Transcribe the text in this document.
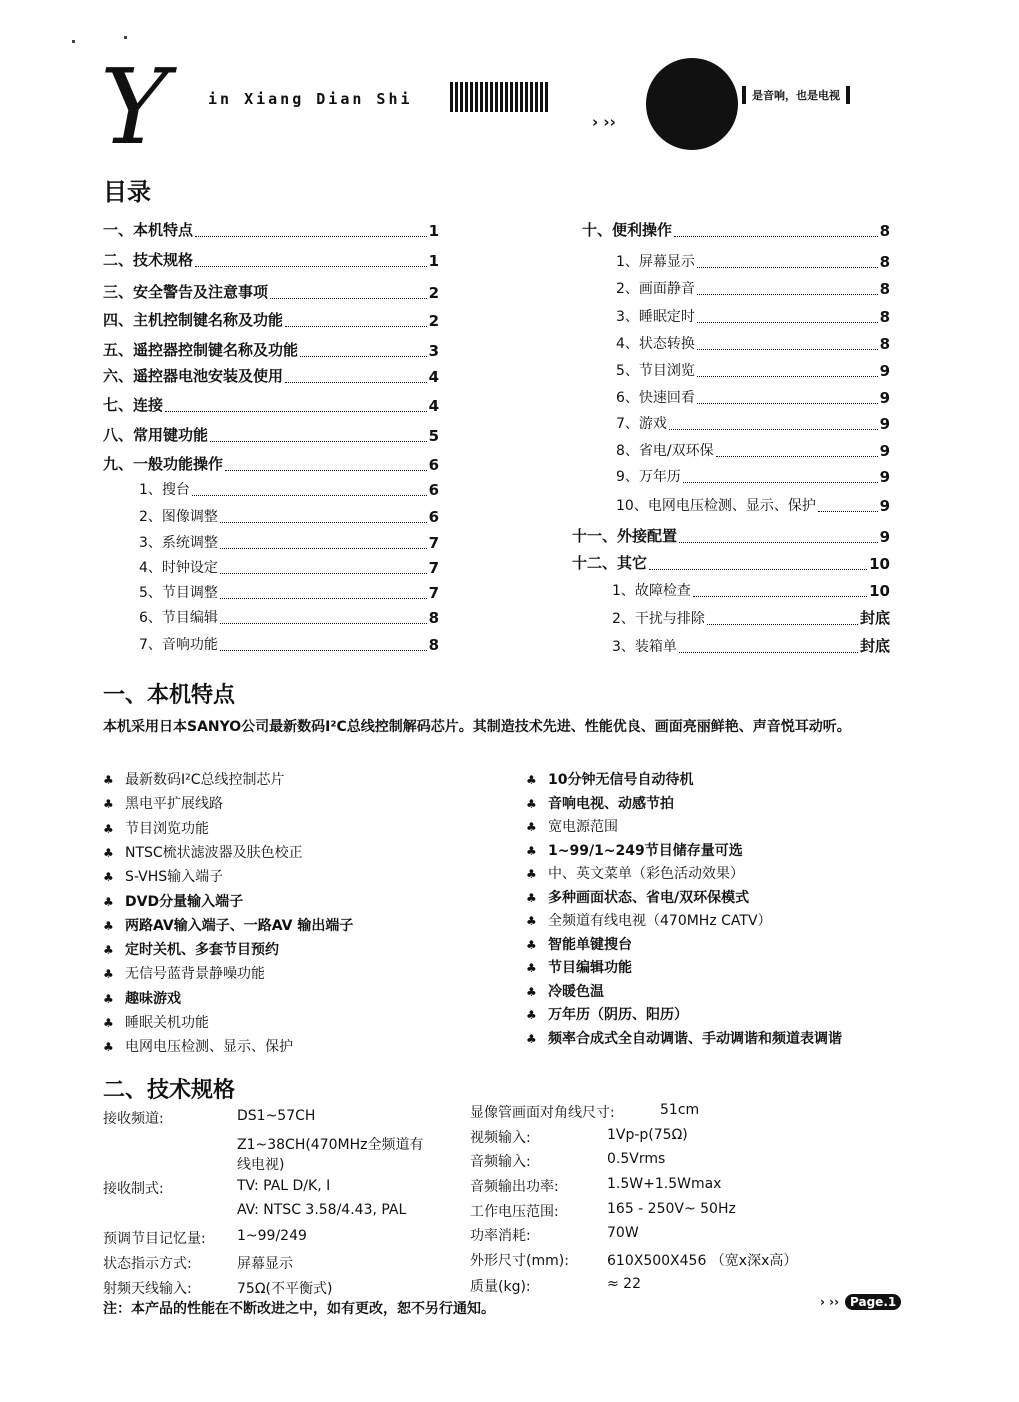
Y	in Xiang Dian Shi
› ››
是音响，也是电视
目录
一、本机特点	1
二、技术规格	1
三、安全警告及注意事项	2
四、主机控制键名称及功能	2
五、遥控器控制键名称及功能	3
六、遥控器电池安装及使用	4
七、连接	4
八、常用键功能	5
九、一般功能操作	6
1、搜台	6
2、图像调整	6
3、系统调整	7
4、时钟设定	7
5、节目调整	7
6、节目编辑	8
7、音响功能	8
十、便利操作	8
1、屏幕显示	8
2、画面静音	8
3、睡眠定时	8
4、状态转换	8
5、节目浏览	9
6、快速回看	9
7、游戏	9
8、省电/双环保	9
9、万年历	9
10、电网电压检测、显示、保护	9
十一、外接配置	9
十二、其它	10
1、故障检查	10
2、干扰与排除	封底
3、装箱单	封底
一、本机特点
本机采用日本SANYO公司最新数码I²C总线控制解码芯片。其制造技术先进、性能优良、画面亮丽鲜艳、声音悦耳动听。
♣ 最新数码I²C总线控制芯片
♣ 黑电平扩展线路
♣ 节目浏览功能
♣ NTSC梳状滤波器及肤色校正
♣ S-VHS输入端子
♣ DVD分量输入端子
♣ 两路AV输入端子、一路AV 输出端子
♣ 定时关机、多套节目预约
♣ 无信号蓝背景静噪功能
♣ 趣味游戏
♣ 睡眠关机功能
♣ 电网电压检测、显示、保护
♣ 10分钟无信号自动待机
♣ 音响电视、动感节拍
♣ 宽电源范围
♣ 1~99/1~249节目储存量可选
♣ 中、英文菜单（彩色活动效果）
♣ 多种画面状态、省电/双环保模式
♣ 全频道有线电视（470MHz CATV）
♣ 智能单键搜台
♣ 节目编辑功能
♣ 冷暖色温
♣ 万年历（阴历、阳历）
♣ 频率合成式全自动调谐、手动调谐和频道表调谐
二、技术规格
接收频道:	DS1~57CH
Z1~38CH(470MHz全频道有
线电视)
接收制式:	TV: PAL D/K, I
AV: NTSC 3.58/4.43, PAL
预调节目记忆量: 1~99/249
状态指示方式:	屏幕显示
射频天线输入:	75Ω(不平衡式)
显像管画面对角线尺寸:	51cm
视频输入:	1Vp-p(75Ω)
音频输入:	0.5Vrms
音频输出功率:	1.5W+1.5Wmax
工作电压范围:	165 - 250V~ 50Hz
功率消耗:	70W
外形尺寸(mm):	610X500X456 （宽x深x高）
质量(kg):	≈ 22
注：本产品的性能在不断改进之中，如有更改，恕不另行通知。	› ›› Page.1
